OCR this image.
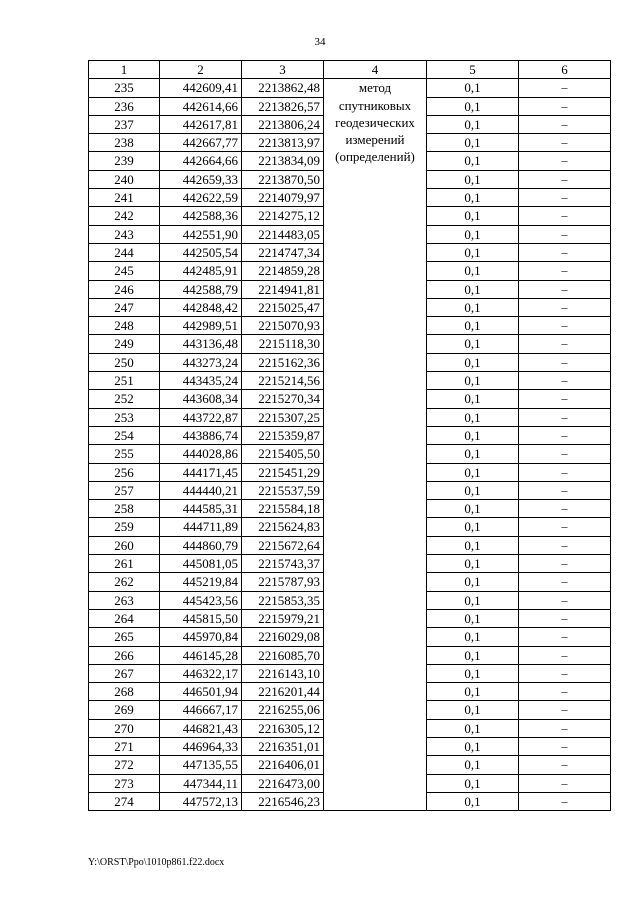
34
1	2	3	4	5	6
235	442609,41	2213862,48	метод
спутниковых
геодезических
измерений
(определений)	0,1	–
236	442614,66	2213826,57		0,1	–
237	442617,81	2213806,24		0,1	–
238	442667,77	2213813,97		0,1	–
239	442664,66	2213834,09		0,1	–
240	442659,33	2213870,50		0,1	–
241	442622,59	2214079,97		0,1	–
242	442588,36	2214275,12		0,1	–
243	442551,90	2214483,05		0,1	–
244	442505,54	2214747,34		0,1	–
245	442485,91	2214859,28		0,1	–
246	442588,79	2214941,81		0,1	–
247	442848,42	2215025,47		0,1	–
248	442989,51	2215070,93		0,1	–
249	443136,48	2215118,30		0,1	–
250	443273,24	2215162,36		0,1	–
251	443435,24	2215214,56		0,1	–
252	443608,34	2215270,34		0,1	–
253	443722,87	2215307,25		0,1	–
254	443886,74	2215359,87		0,1	–
255	444028,86	2215405,50		0,1	–
256	444171,45	2215451,29		0,1	–
257	444440,21	2215537,59		0,1	–
258	444585,31	2215584,18		0,1	–
259	444711,89	2215624,83		0,1	–
260	444860,79	2215672,64		0,1	–
261	445081,05	2215743,37		0,1	–
262	445219,84	2215787,93		0,1	–
263	445423,56	2215853,35		0,1	–
264	445815,50	2215979,21		0,1	–
265	445970,84	2216029,08		0,1	–
266	446145,28	2216085,70		0,1	–
267	446322,17	2216143,10		0,1	–
268	446501,94	2216201,44		0,1	–
269	446667,17	2216255,06		0,1	–
270	446821,43	2216305,12		0,1	–
271	446964,33	2216351,01		0,1	–
272	447135,55	2216406,01		0,1	–
273	447344,11	2216473,00		0,1	–
274	447572,13	2216546,23		0,1	–
Y:\ORST\Ppo\1010p861.f22.docx
